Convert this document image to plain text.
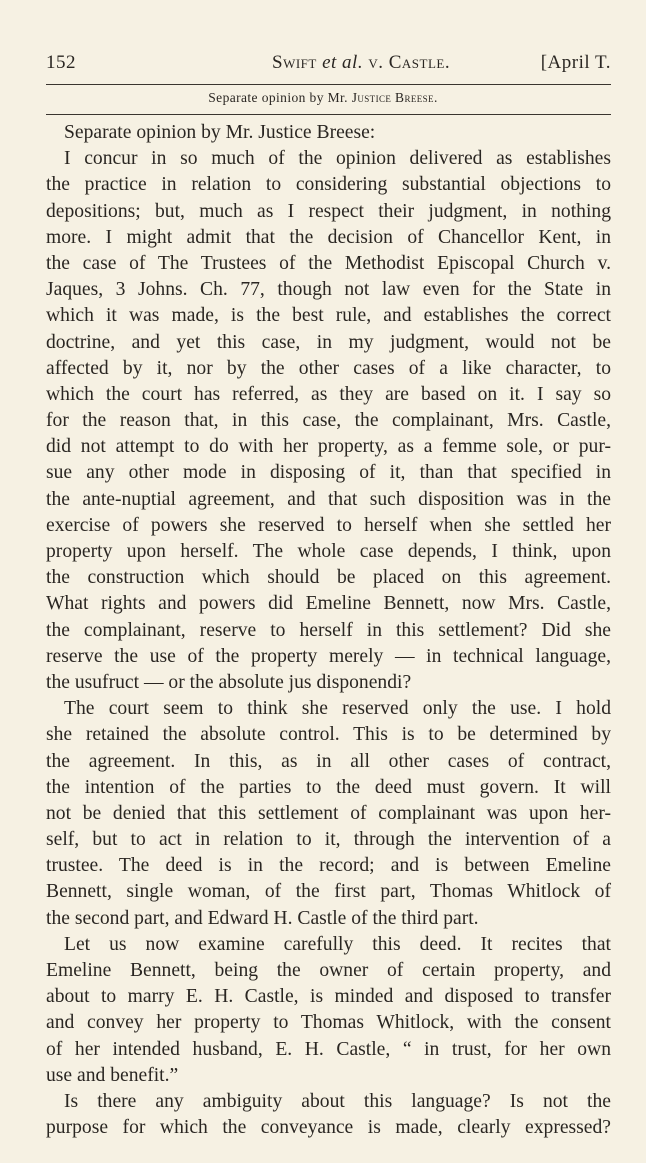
152	Swift et al. v. Castle.	[April T.
Separate opinion by Mr. Justice Breese.
Separate opinion by Mr. Justice Breese:
I concur in so much of the opinion delivered as establishes
the practice in relation to considering substantial objections to
depositions; but, much as I respect their judgment, in nothing
more. I might admit that the decision of Chancellor Kent, in
the case of The Trustees of the Methodist Episcopal Church v.
Jaques, 3 Johns. Ch. 77, though not law even for the State in
which it was made, is the best rule, and establishes the correct
doctrine, and yet this case, in my judgment, would not be
affected by it, nor by the other cases of a like character, to
which the court has referred, as they are based on it. I say so
for the reason that, in this case, the complainant, Mrs. Castle,
did not attempt to do with her property, as a femme sole, or pur-
sue any other mode in disposing of it, than that specified in
the ante-nuptial agreement, and that such disposition was in the
exercise of powers she reserved to herself when she settled her
property upon herself. The whole case depends, I think, upon
the construction which should be placed on this agreement.
What rights and powers did Emeline Bennett, now Mrs. Castle,
the complainant, reserve to herself in this settlement? Did she
reserve the use of the property merely — in technical language,
the usufruct — or the absolute jus disponendi?
The court seem to think she reserved only the use. I hold
she retained the absolute control. This is to be determined by
the agreement. In this, as in all other cases of contract,
the intention of the parties to the deed must govern. It will
not be denied that this settlement of complainant was upon her-
self, but to act in relation to it, through the intervention of a
trustee. The deed is in the record; and is between Emeline
Bennett, single woman, of the first part, Thomas Whitlock of
the second part, and Edward H. Castle of the third part.
Let us now examine carefully this deed. It recites that
Emeline Bennett, being the owner of certain property, and
about to marry E. H. Castle, is minded and disposed to transfer
and convey her property to Thomas Whitlock, with the consent
of her intended husband, E. H. Castle, “ in trust, for her own
use and benefit.”
Is there any ambiguity about this language? Is not the
purpose for which the conveyance is made, clearly expressed?
